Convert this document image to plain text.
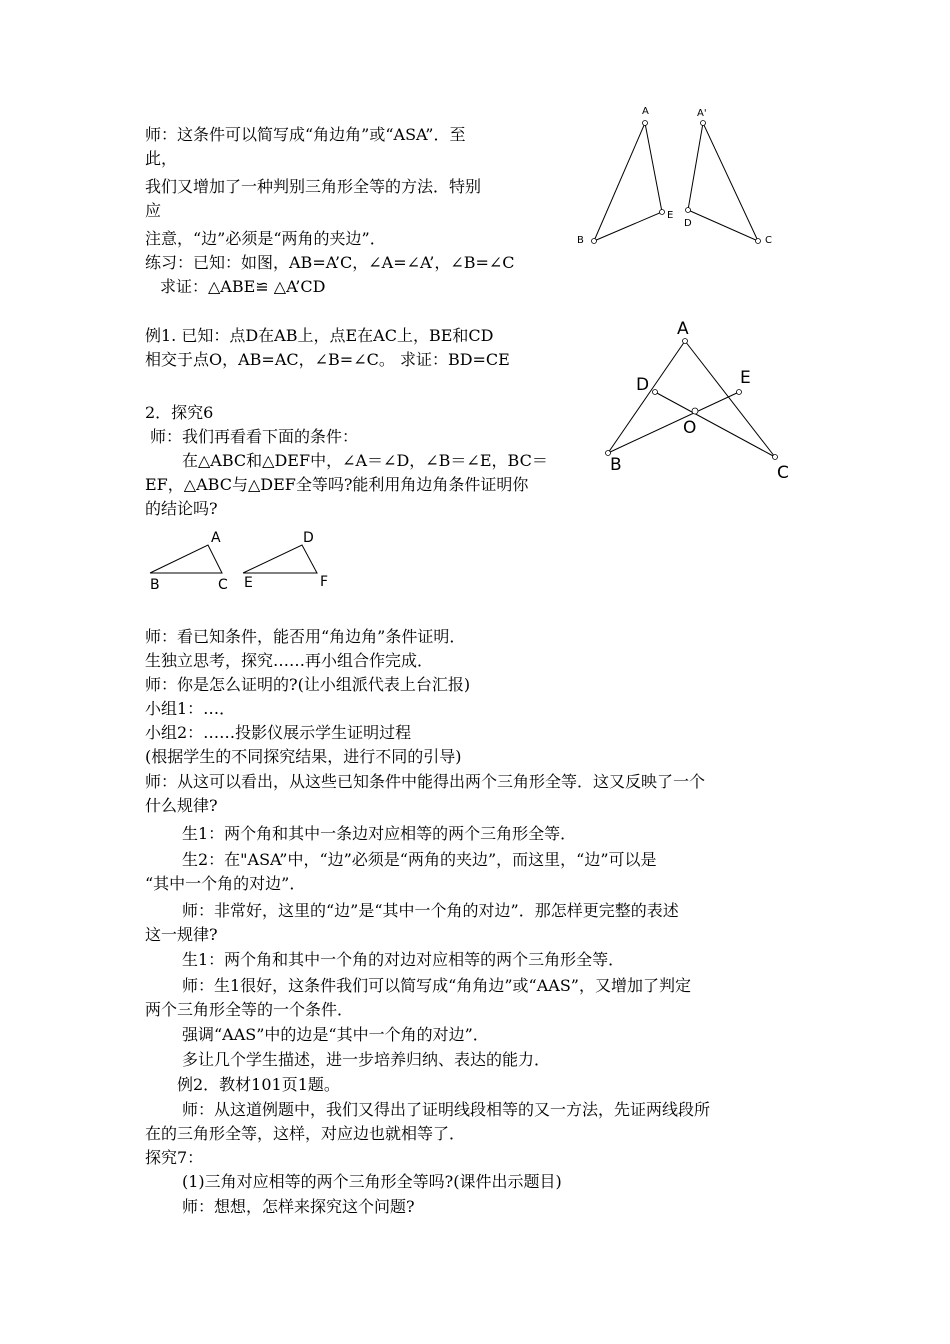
师：这条件可以简写成“角边角”或“ASA”．至
此，
我们又增加了一种判别三角形全等的方法．特别
应
注意，“边”必须是“两角的夹边”．
练习：已知：如图，AB=A’C，∠A=∠A’，∠B=∠C
求证：△ABE≌ △A’CD
A
E
B
A'
D
C
例1. 已知：点D在AB上，点E在AC上，BE和CD
相交于点O，AB=AC，∠B=∠C。 求证：BD=CE
A
D	E
O
B	C
2．探究6
师：我们再看看下面的条件：
在△ABC和△DEF中，∠A＝∠D，∠B＝∠E，BC＝
EF，△ABC与△DEF全等吗?能利用角边角条件证明你
的结论吗?
A
B	C
D
E	F
师：看已知条件，能否用“角边角”条件证明．
生独立思考，探究……再小组合作完成．
师：你是怎么证明的?(让小组派代表上台汇报)
小组1：…．
小组2：……投影仪展示学生证明过程
(根据学生的不同探究结果，进行不同的引导)
师：从这可以看出，从这些已知条件中能得出两个三角形全等．这又反映了一个
什么规律?
生1：两个角和其中一条边对应相等的两个三角形全等．
生2：在"ASA”中，“边”必须是“两角的夹边”，而这里，“边”可以是
“其中一个角的对边”．
师：非常好，这里的“边”是“其中一个角的对边”．那怎样更完整的表述
这一规律?
生1：两个角和其中一个角的对边对应相等的两个三角形全等．
师：生1很好，这条件我们可以简写成“角角边”或“AAS”，又增加了判定
两个三角形全等的一个条件．
强调“AAS”中的边是“其中一个角的对边”．
多让几个学生描述，进一步培养归纳、表达的能力．
例2．教材101页1题。
师：从这道例题中，我们又得出了证明线段相等的又一方法，先证两线段所
在的三角形全等，这样，对应边也就相等了．
探究7：
(1)三角对应相等的两个三角形全等吗?(课件出示题目)
师：想想，怎样来探究这个问题?
